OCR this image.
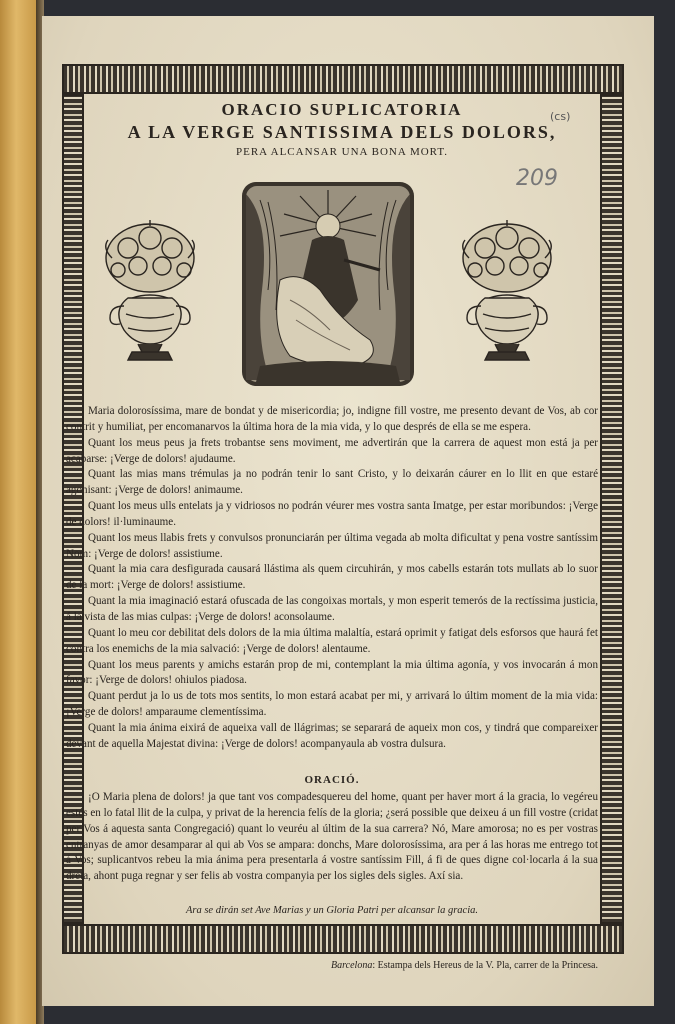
ORACIO SUPLICATORIA
A LA VERGE SANTISSIMA DELS DOLORS,
PERA ALCANSAR UNA BONA MORT.
(cs)
209

Maria dolorosíssima, mare de bondat y de misericordia; jo, indigne fill vostre, me presento devant de Vos, ab cor contrit y humiliat, per encomanarvos la última hora de la mia vida, y lo que després de ella se me espera.

Quant los meus peus ja frets trobantse sens moviment, me advertirán que la carrera de aquest mon está ja per acabarse: ¡Verge de dolors! ajudaume.

Quant las mias mans trémulas ja no podrán tenir lo sant Cristo, y lo deixarán cáurer en lo llit en que estaré agonisant: ¡Verge de dolors! animaume.

Quant los meus ulls entelats ja y vidriosos no podrán véurer mes vostra santa Imatge, per estar moribundos: ¡Verge de dolors! il·luminaume.

Quant los meus llabis frets y convulsos pronunciarán per última vegada ab molta dificultat y pena vostre santíssim Nom: ¡Verge de dolors! assistiume.

Quant la mia cara desfigurada causará llástima als quem circuhirán, y mos cabells estarán tots mullats ab lo suor de la mort: ¡Verge de dolors! assistiume.

Quant la mia imaginació estará ofuscada de las congoixas mortals, y mon esperit temerós de la rectíssima justicia, á la vista de las mias culpas: ¡Verge de dolors! aconsolaume.

Quant lo meu cor debilitat dels dolors de la mia última malaltía, estará oprimit y fatigat dels esforsos que haurá fet contra los enemichs de la mia salvació: ¡Verge de dolors! alentaume.

Quant los meus parents y amichs estarán prop de mi, contemplant la mia última agonía, y vos invocarán á mon favor: ¡Verge de dolors! ohiulos piadosa.

Quant perdut ja lo us de tots mos sentits, lo mon estará acabat per mi, y arrivará lo últim moment de la mia vida: ¡Verge de dolors! amparaume clementíssima.

Quant la mia ánima eixirá de aqueixa vall de llágrimas; se separará de aqueix mon cos, y tindrá que compareixer devant de aquella Majestat divina: ¡Verge de dolors! acompanyaula ab vostra dulsura.

ORACIÓ.

¡O Maria plena de dolors! ja que tant vos compadesquereu del home, quant per haver mort á la gracia, lo vegéreu estés en lo fatal llit de la culpa, y privat de la herencia felís de la gloria; ¿será possible que deixeu á un fill vostre (cridat per Vos á aquesta santa Congregació) quant lo veuréu al últim de la sua carrera? Nó, Mare amorosa; no es per vostras entranyas de amor desamparar al qui ab Vos se ampara: donchs, Mare dolorosíssima, ara per á las horas me entrego tot á Vos; suplicantvos rebeu la mia ánima pera presentarla á vostre santíssim Fill, á fi de ques digne col·locarla á la sua dreta, ahont puga regnar y ser felis ab vostra companyia per los sigles dels sigles. Axí sia.

Ara se dirán set Ave Marias y un Gloria Patri per alcansar la gracia.
Barcelona: Estampa dels Hereus de la V. Pla, carrer de la Princesa.
